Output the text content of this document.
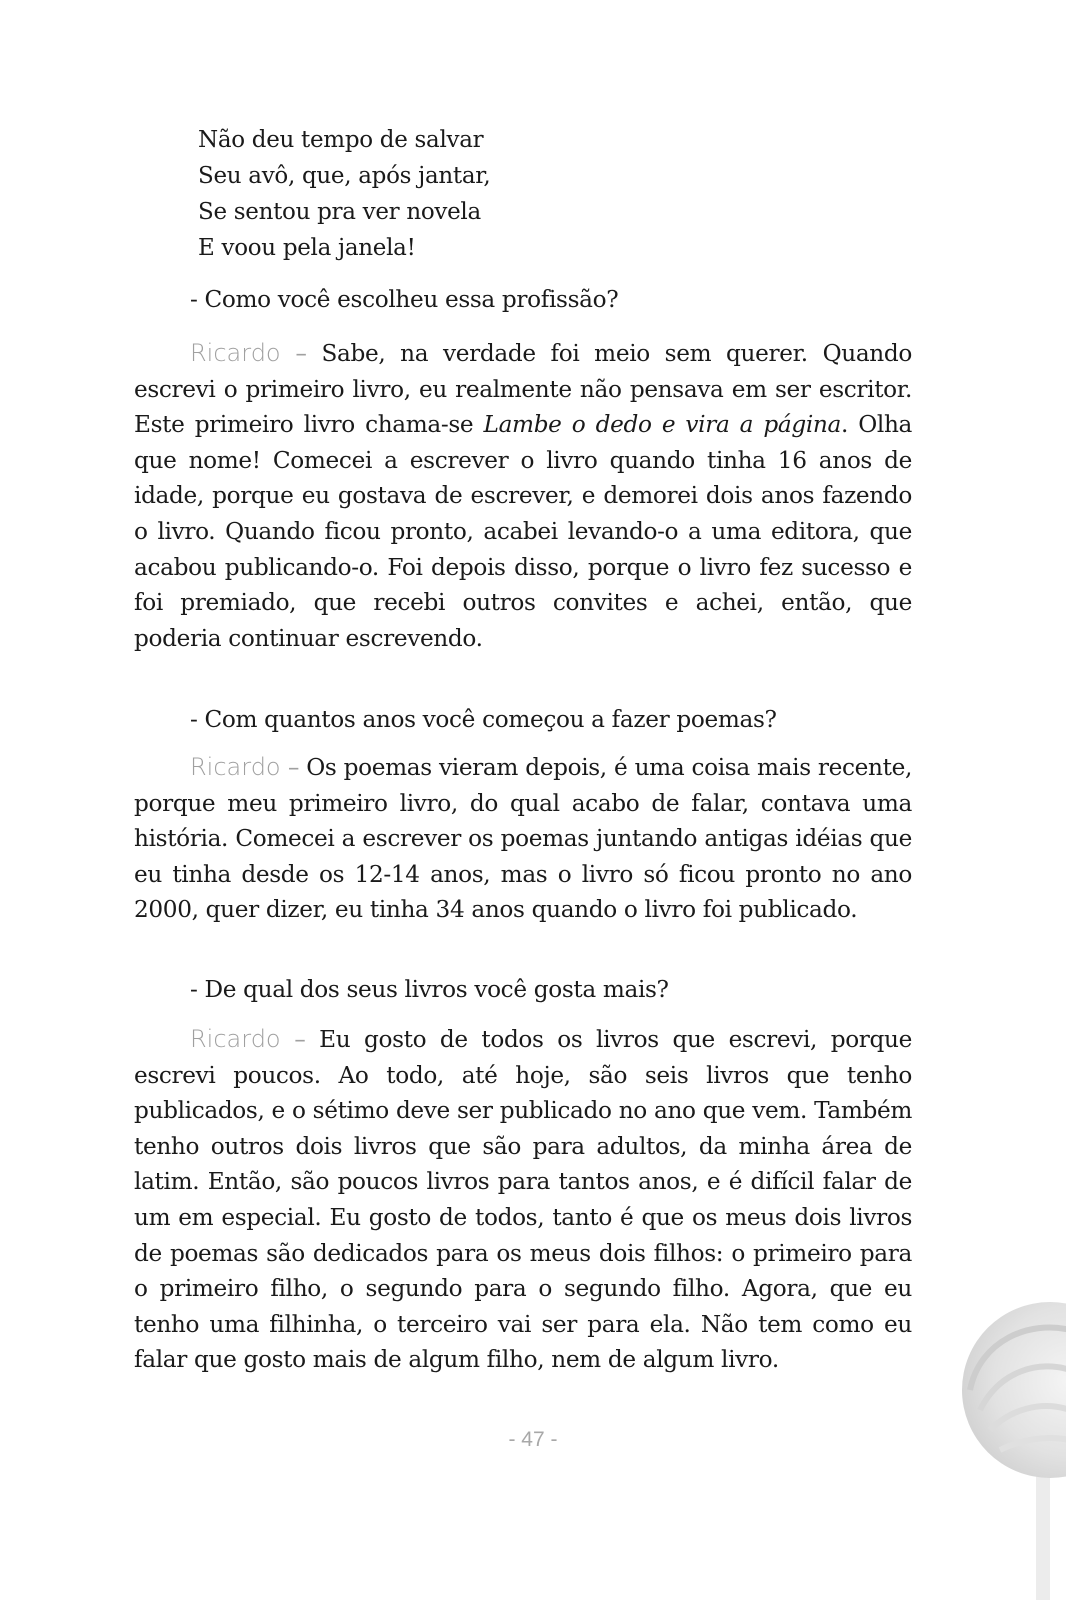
Não deu tempo de salvar
Seu avô, que, após jantar,
Se sentou pra ver novela
E voou pela janela!
- Como você escolheu essa profissão?
Ricardo – Sabe, na verdade foi meio sem querer. Quando escrevi o primeiro livro, eu realmente não pensava em ser escritor. Este primeiro livro chama-se Lambe o dedo e vira a página. Olha que nome! Comecei a escrever o livro quando tinha 16 anos de idade, porque eu gostava de escrever, e demorei dois anos fazendo o livro. Quando ficou pronto, acabei levando-o a uma editora, que acabou publicando-o. Foi depois disso, porque o livro fez sucesso e foi premiado, que recebi outros convites e achei, então, que poderia continuar escrevendo.
- Com quantos anos você começou a fazer poemas?
Ricardo – Os poemas vieram depois, é uma coisa mais recente, porque meu primeiro livro, do qual acabo de falar, contava uma história. Comecei a escrever os poemas juntando antigas idéias que eu tinha desde os 12-14 anos, mas o livro só ficou pronto no ano 2000, quer dizer, eu tinha 34 anos quando o livro foi publicado.
- De qual dos seus livros você gosta mais?
Ricardo – Eu gosto de todos os livros que escrevi, porque escrevi poucos. Ao todo, até hoje, são seis livros que tenho publicados, e o sétimo deve ser publicado no ano que vem. Também tenho outros dois livros que são para adultos, da minha área de latim. Então, são poucos livros para tantos anos, e é difícil falar de um em especial. Eu gosto de todos, tanto é que os meus dois livros de poemas são dedicados para os meus dois filhos: o primeiro para o primeiro filho, o segundo para o segundo filho. Agora, que eu tenho uma filhinha, o terceiro vai ser para ela. Não tem como eu falar que gosto mais de algum filho, nem de algum livro.
- 47 -
